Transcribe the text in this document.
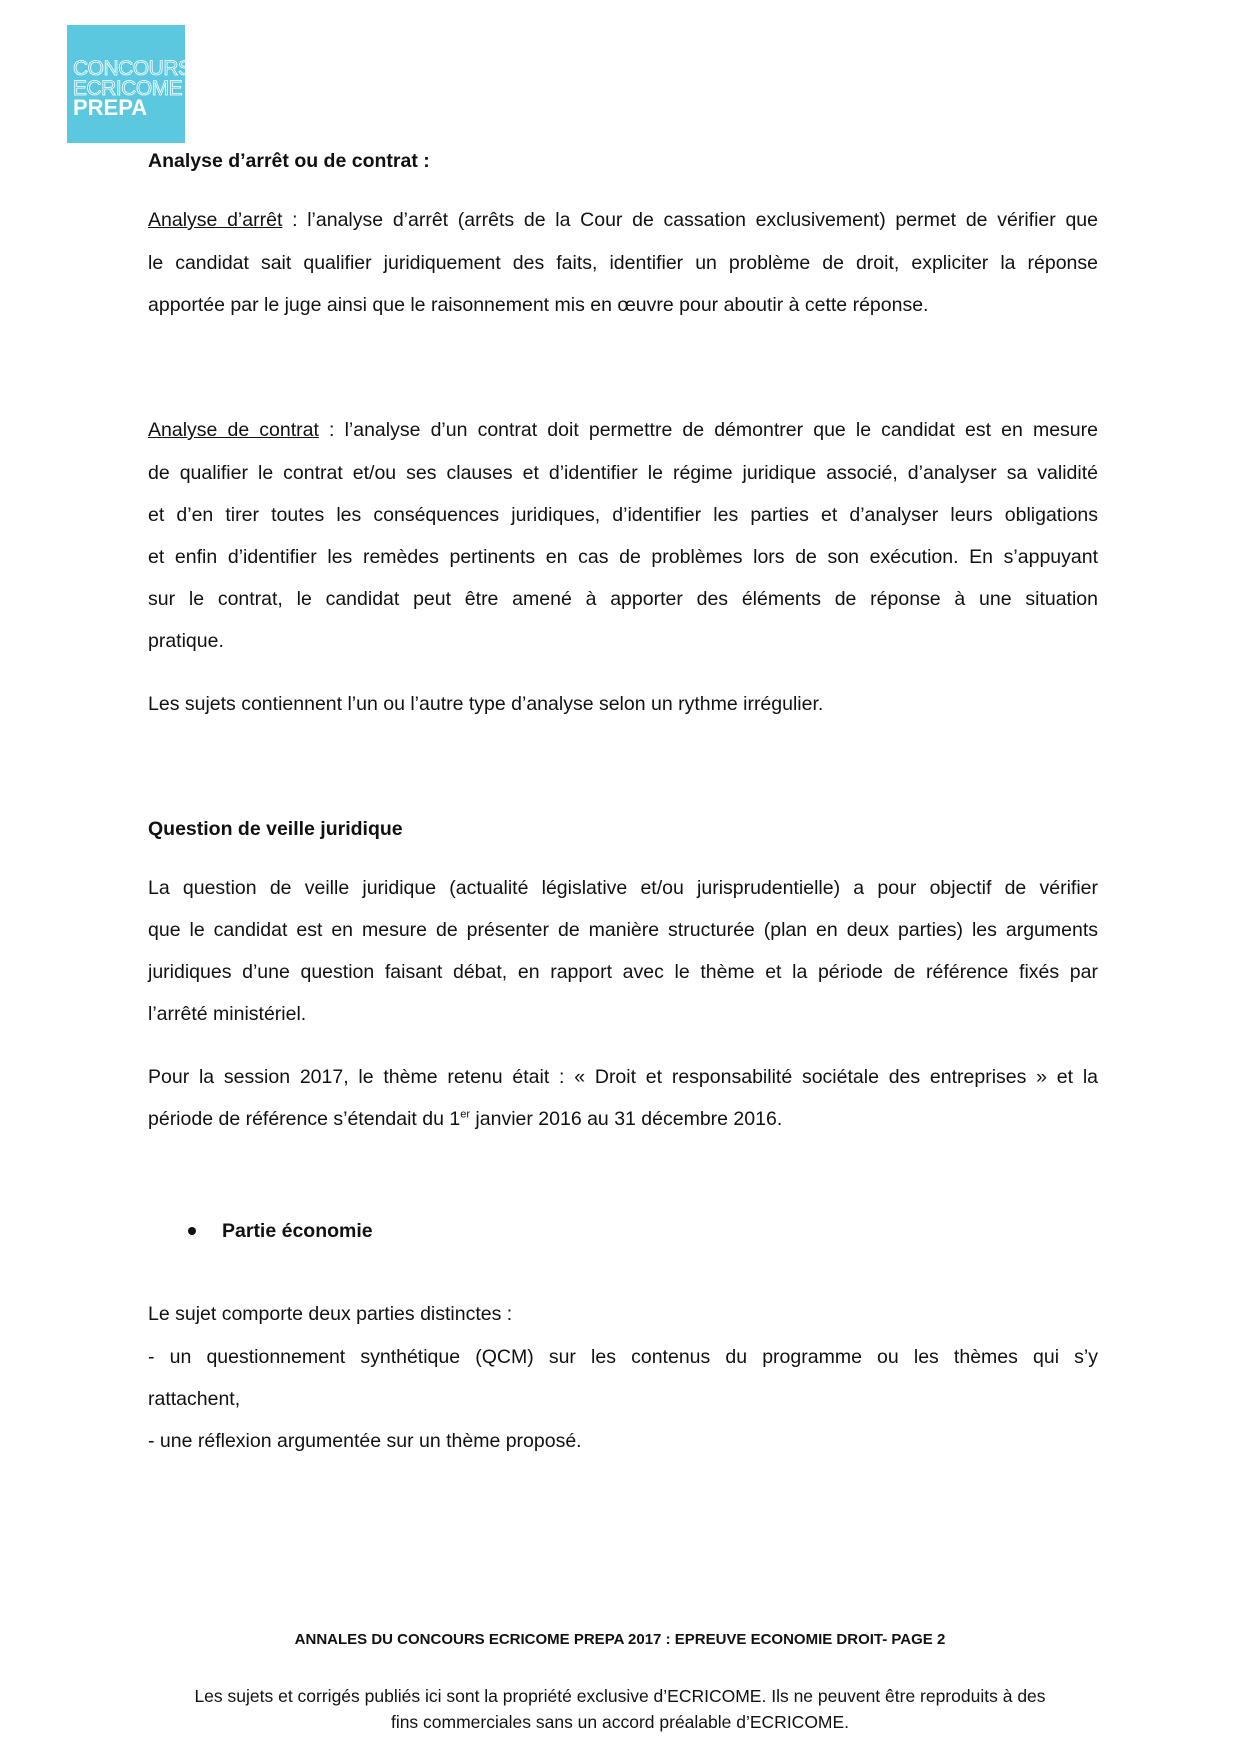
CONCOURS
ECRICOME
PREPA
Analyse d’arrêt ou de contrat :
Analyse d’arrêt : l’analyse d’arrêt (arrêts de la Cour de cassation exclusivement) permet de vérifier que
le candidat sait qualifier juridiquement des faits, identifier un problème de droit, expliciter la réponse
apportée par le juge ainsi que le raisonnement mis en œuvre pour aboutir à cette réponse.
Analyse de contrat : l’analyse d’un contrat doit permettre de démontrer que le candidat est en mesure
de qualifier le contrat et/ou ses clauses et d’identifier le régime juridique associé, d’analyser sa validité
et d’en tirer toutes les conséquences juridiques, d’identifier les parties et d’analyser leurs obligations
et enfin d’identifier les remèdes pertinents en cas de problèmes lors de son exécution. En s’appuyant
sur le contrat, le candidat peut être amené à apporter des éléments de réponse à une situation
pratique.
Les sujets contiennent l’un ou l’autre type d’analyse selon un rythme irrégulier.
Question de veille juridique
La question de veille juridique (actualité législative et/ou jurisprudentielle) a pour objectif de vérifier
que le candidat est en mesure de présenter de manière structurée (plan en deux parties) les arguments
juridiques d’une question faisant débat, en rapport avec le thème et la période de référence fixés par
l’arrêté ministériel.
Pour la session 2017, le thème retenu était : « Droit et responsabilité sociétale des entreprises » et la
période de référence s’étendait du 1er janvier 2016 au 31 décembre 2016.
Partie économie
Le sujet comporte deux parties distinctes :
- un questionnement synthétique (QCM) sur les contenus du programme ou les thèmes qui s’y
rattachent,
- une réflexion argumentée sur un thème proposé.
ANNALES DU CONCOURS ECRICOME PREPA 2017 : EPREUVE ECONOMIE DROIT- PAGE 2
Les sujets et corrigés publiés ici sont la propriété exclusive d’ECRICOME. Ils ne peuvent être reproduits à des
fins commerciales sans un accord préalable d’ECRICOME.
